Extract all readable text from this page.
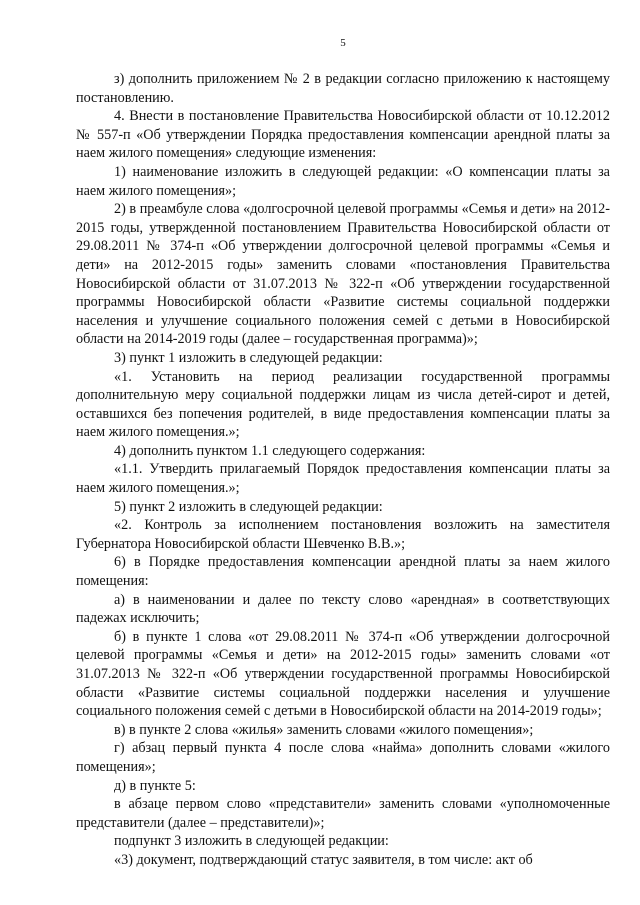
5

з) дополнить приложением № 2 в редакции согласно приложению к настоящему постановлению.

4. Внести в постановление Правительства Новосибирской области от 10.12.2012 № 557-п «Об утверждении Порядка предоставления компенсации арендной платы за наем жилого помещения» следующие изменения:

1) наименование изложить в следующей редакции: «О компенсации платы за наем жилого помещения»;

2) в преамбуле слова «долгосрочной целевой программы «Семья и дети» на 2012-2015 годы, утвержденной постановлением Правительства Новосибирской области от 29.08.2011 № 374-п «Об утверждении долгосрочной целевой программы «Семья и дети» на 2012-2015 годы» заменить словами «постановления Правительства Новосибирской области от 31.07.2013 № 322-п «Об утверждении государственной программы Новосибирской области «Развитие системы социальной поддержки населения и улучшение социального положения семей с детьми в Новосибирской области на 2014-2019 годы (далее – государственная программа)»;

3) пункт 1 изложить в следующей редакции:

«1. Установить на период реализации государственной программы дополнительную меру социальной поддержки лицам из числа детей-сирот и детей, оставшихся без попечения родителей, в виде предоставления компенсации платы за наем жилого помещения.»;

4) дополнить пунктом 1.1 следующего содержания:

«1.1. Утвердить прилагаемый Порядок предоставления компенсации платы за наем жилого помещения.»;

5) пункт 2 изложить в следующей редакции:

«2. Контроль за исполнением постановления возложить на заместителя Губернатора Новосибирской области Шевченко В.В.»;

6) в Порядке предоставления компенсации арендной платы за наем жилого помещения:

а) в наименовании и далее по тексту слово «арендная» в соответствующих падежах исключить;

б) в пункте 1 слова «от 29.08.2011 № 374-п «Об утверждении долгосрочной целевой программы «Семья и дети» на 2012-2015 годы» заменить словами «от 31.07.2013 № 322-п «Об утверждении государственной программы Новосибирской области «Развитие системы социальной поддержки населения и улучшение социального положения семей с детьми в Новосибирской области на 2014-2019 годы»;

в) в пункте 2 слова «жилья» заменить словами «жилого помещения»;

г) абзац первый пункта 4 после слова «найма» дополнить словами «жилого помещения»;

д) в пункте 5:

в абзаце первом слово «представители» заменить словами «уполномоченные представители (далее – представители)»;

подпункт 3 изложить в следующей редакции:

«3) документ, подтверждающий статус заявителя, в том числе: акт об
